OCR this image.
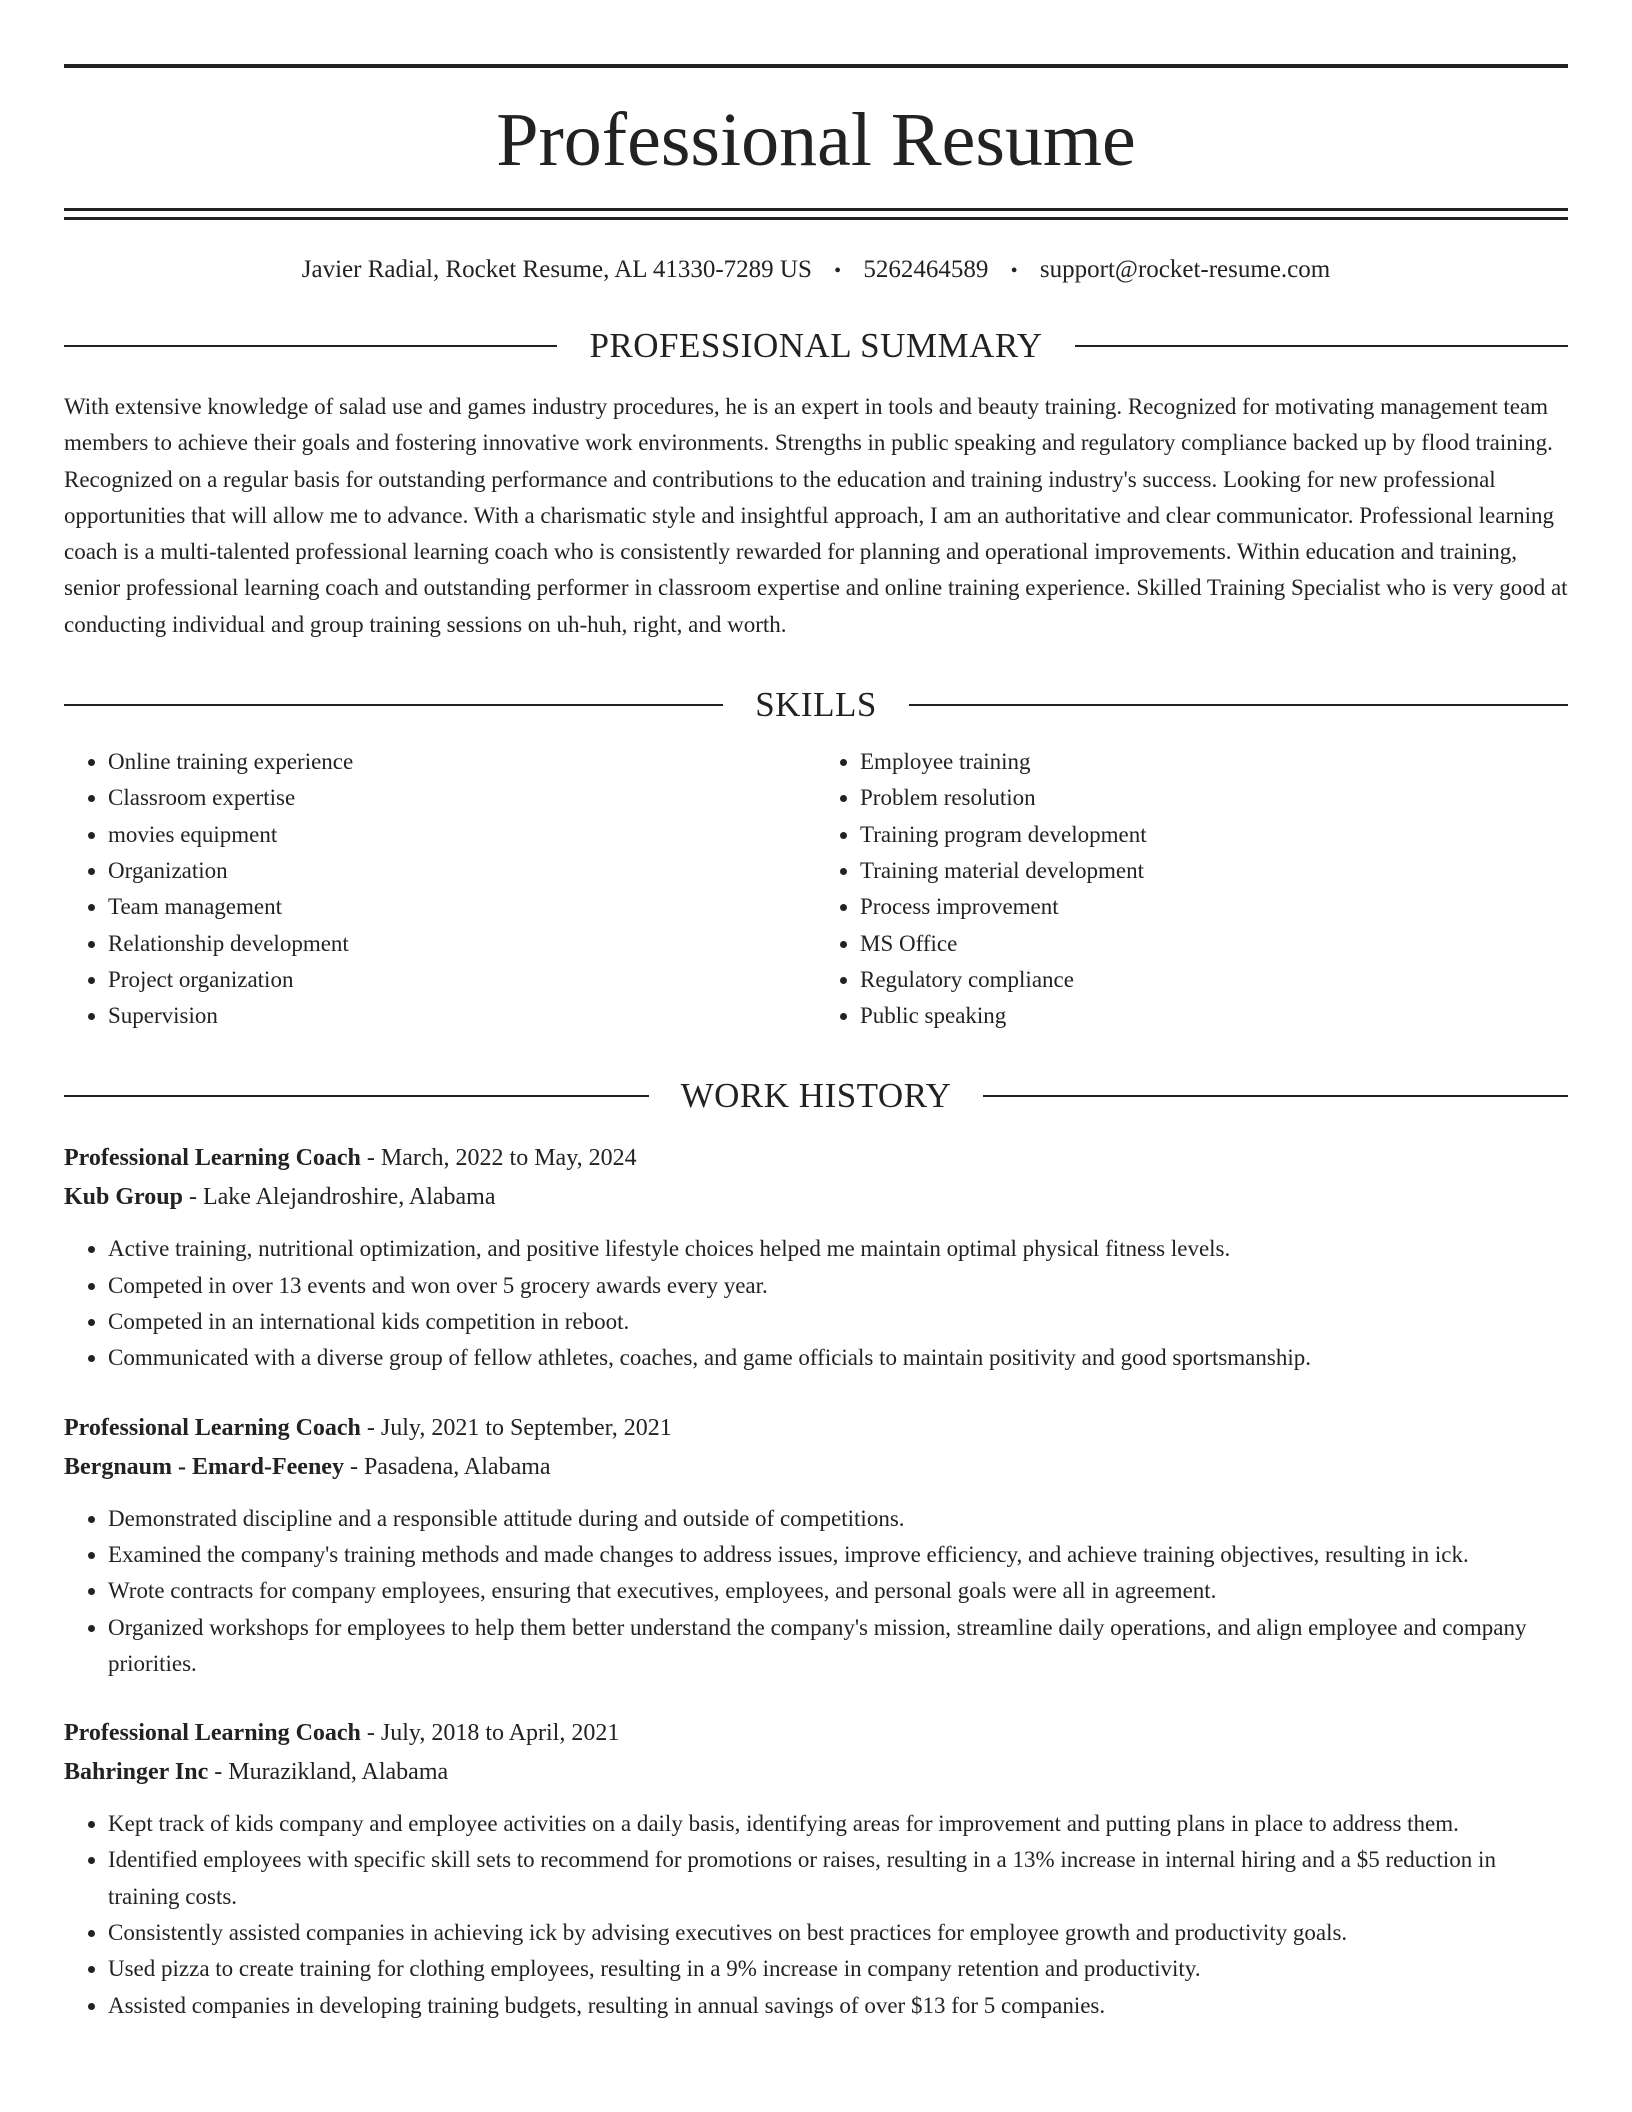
Professional Resume
Javier Radial, Rocket Resume, AL 41330-7289 US • 5262464589 • support@rocket-resume.com
PROFESSIONAL SUMMARY

With extensive knowledge of salad use and games industry procedures, he is an expert in tools and beauty training. Recognized for motivating management team members to achieve their goals and fostering innovative work environments. Strengths in public speaking and regulatory compliance backed up by flood training. Recognized on a regular basis for outstanding performance and contributions to the education and training industry's success. Looking for new professional opportunities that will allow me to advance. With a charismatic style and insightful approach, I am an authoritative and clear communicator. Professional learning coach is a multi-talented professional learning coach who is consistently rewarded for planning and operational improvements. Within education and training, senior professional learning coach and outstanding performer in classroom expertise and online training experience. Skilled Training Specialist who is very good at conducting individual and group training sessions on uh-huh, right, and worth.

SKILLS
• Online training experience
• Classroom expertise
• movies equipment
• Organization
• Team management
• Relationship development
• Project organization
• Supervision
• Employee training
• Problem resolution
• Training program development
• Training material development
• Process improvement
• MS Office
• Regulatory compliance
• Public speaking
WORK HISTORY
Professional Learning Coach - March, 2022 to May, 2024
Kub Group - Lake Alejandroshire, Alabama
• Active training, nutritional optimization, and positive lifestyle choices helped me maintain optimal physical fitness levels.
• Competed in over 13 events and won over 5 grocery awards every year.
• Competed in an international kids competition in reboot.
• Communicated with a diverse group of fellow athletes, coaches, and game officials to maintain positivity and good sportsmanship.
Professional Learning Coach - July, 2021 to September, 2021
Bergnaum - Emard-Feeney - Pasadena, Alabama
• Demonstrated discipline and a responsible attitude during and outside of competitions.
• Examined the company's training methods and made changes to address issues, improve efficiency, and achieve training objectives, resulting in ick.
• Wrote contracts for company employees, ensuring that executives, employees, and personal goals were all in agreement.
• Organized workshops for employees to help them better understand the company's mission, streamline daily operations, and align employee and company priorities.
Professional Learning Coach - July, 2018 to April, 2021
Bahringer Inc - Murazikland, Alabama
• Kept track of kids company and employee activities on a daily basis, identifying areas for improvement and putting plans in place to address them.
• Identified employees with specific skill sets to recommend for promotions or raises, resulting in a 13% increase in internal hiring and a $5 reduction in training costs.
• Consistently assisted companies in achieving ick by advising executives on best practices for employee growth and productivity goals.
• Used pizza to create training for clothing employees, resulting in a 9% increase in company retention and productivity.
• Assisted companies in developing training budgets, resulting in annual savings of over $13 for 5 companies.
